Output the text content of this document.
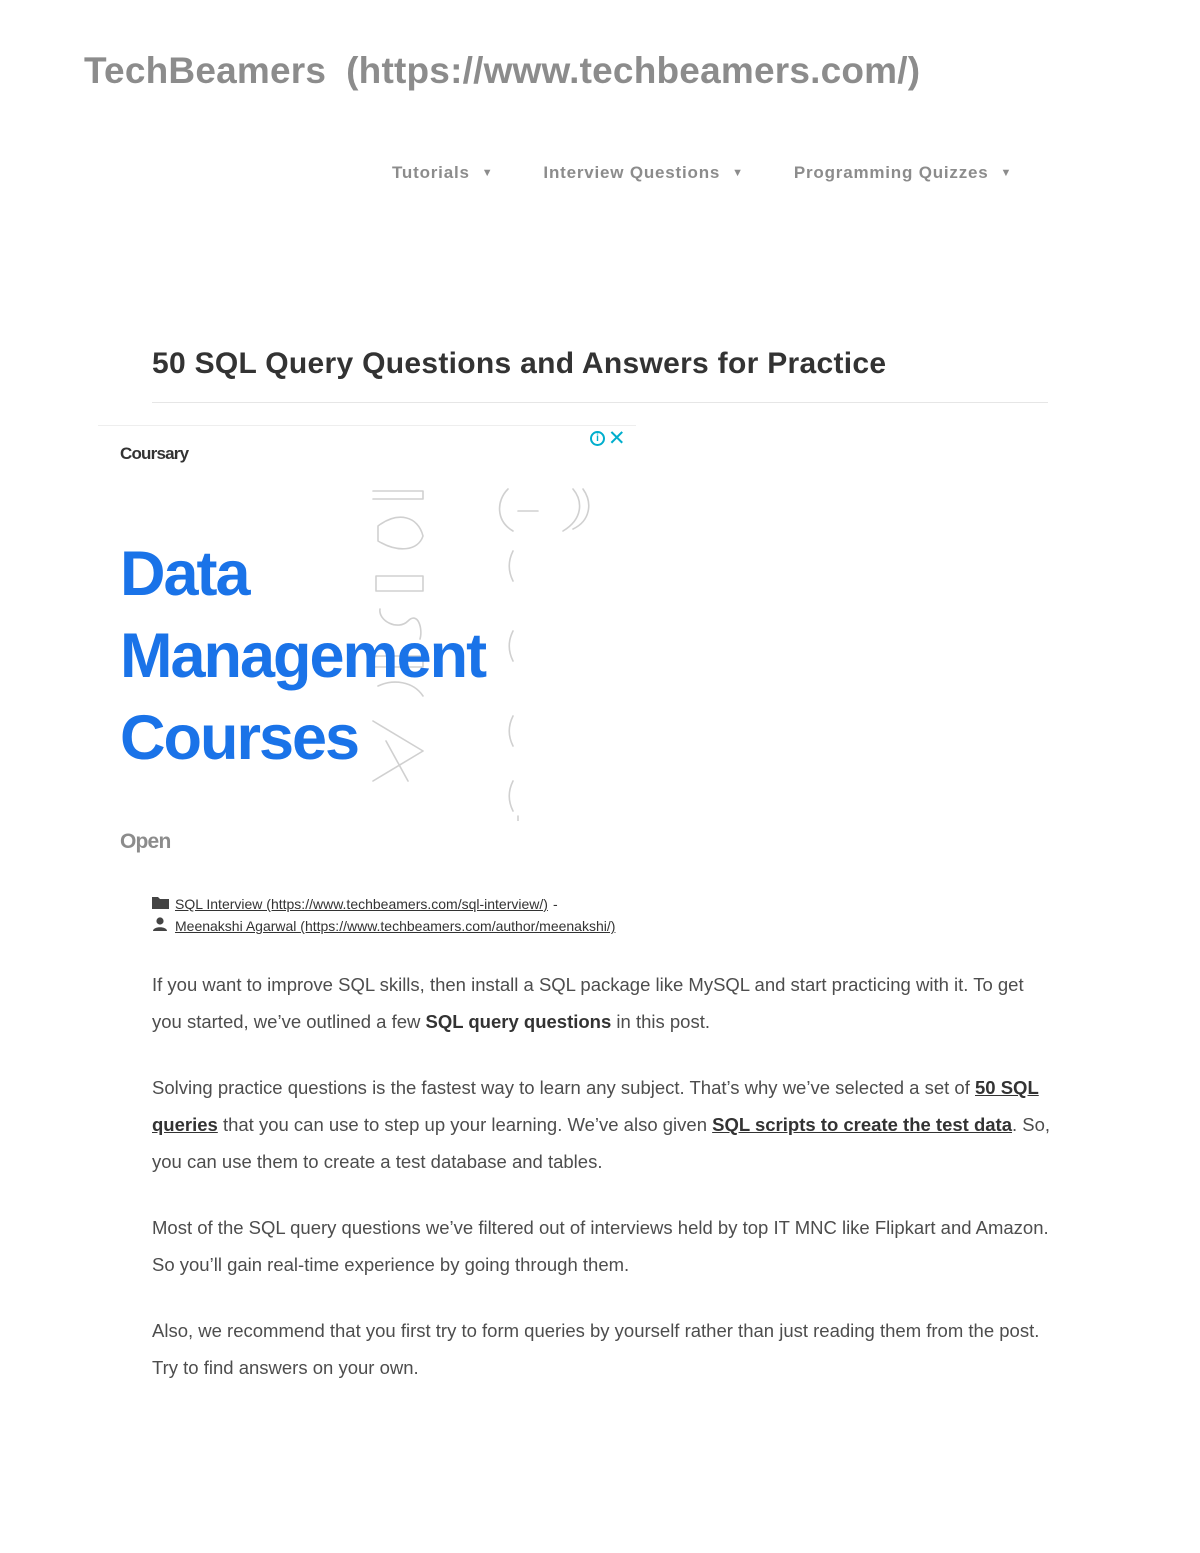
TechBeamers (https://www.techbeamers.com/)
Tutorials ▼	Interview Questions ▼	Programming Quizzes ▼
50 SQL Query Questions and Answers for Practice
Coursary
i ✕
Data
Management
Courses
Open
SQL Interview (https://www.techbeamers.com/sql-interview/) -
Meenakshi Agarwal (https://www.techbeamers.com/author/meenakshi/)

If you want to improve SQL skills, then install a SQL package like MySQL and start practicing with it. To get you started, we’ve outlined a few SQL query questions in this post.

Solving practice questions is the fastest way to learn any subject. That’s why we’ve selected a set of 50 SQL queries that you can use to step up your learning. We’ve also given SQL scripts to create the test data. So, you can use them to create a test database and tables.

Most of the SQL query questions we’ve filtered out of interviews held by top IT MNC like Flipkart and Amazon. So you’ll gain real-time experience by going through them.

Also, we recommend that you first try to form queries by yourself rather than just reading them from the post. Try to find answers on your own.
